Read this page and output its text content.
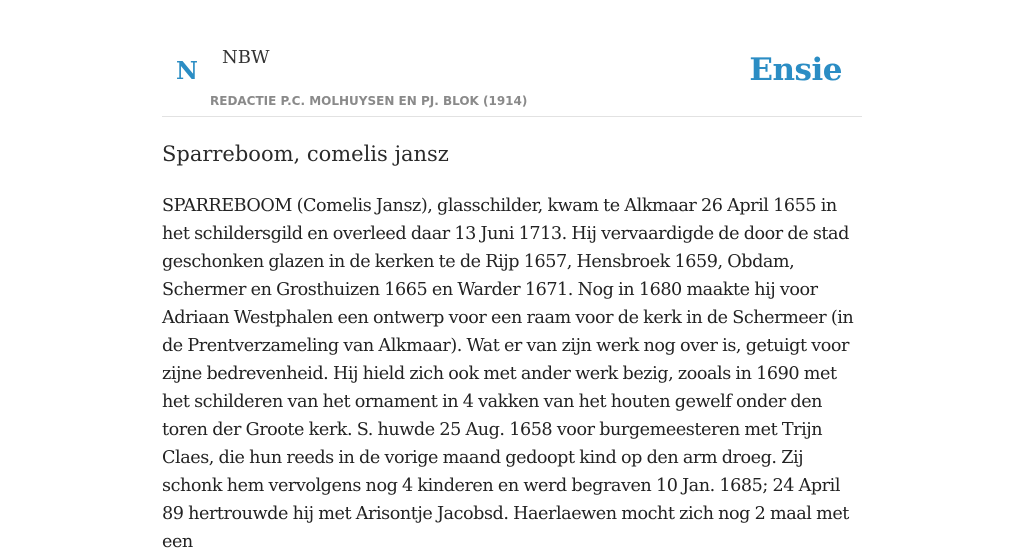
N NBW
REDACTIE P.C. MOLHUYSEN EN PJ. BLOK (1914)
Ensie
Sparreboom, comelis jansz

SPARREBOOM (Comelis Jansz), glasschilder, kwam te Alkmaar 26 April 1655 in het schildersgild en overleed daar 13 Juni 1713. Hij vervaardigde de door de stad geschonken glazen in de kerken te de Rijp 1657, Hensbroek 1659, Obdam, Schermer en Grosthuizen 1665 en Warder 1671. Nog in 1680 maakte hij voor Adriaan Westphalen een ontwerp voor een raam voor de kerk in de Schermeer (in de Prentverzameling van Alkmaar). Wat er van zijn werk nog over is, getuigt voor zijne bedrevenheid. Hij hield zich ook met ander werk bezig, zooals in 1690 met het schilderen van het ornament in 4 vakken van het houten gewelf onder den toren der Groote kerk. S. huwde 25 Aug. 1658 voor burgemeesteren met Trijn Claes, die hun reeds in de vorige maand gedoopt kind op den arm droeg. Zij schonk hem vervolgens nog 4 kinderen en werd begraven 10 Jan. 1685; 24 April 89 hertrouwde hij met Arisontje Jacobsd. Haerlaewen mocht zich nog 2 maal met een
